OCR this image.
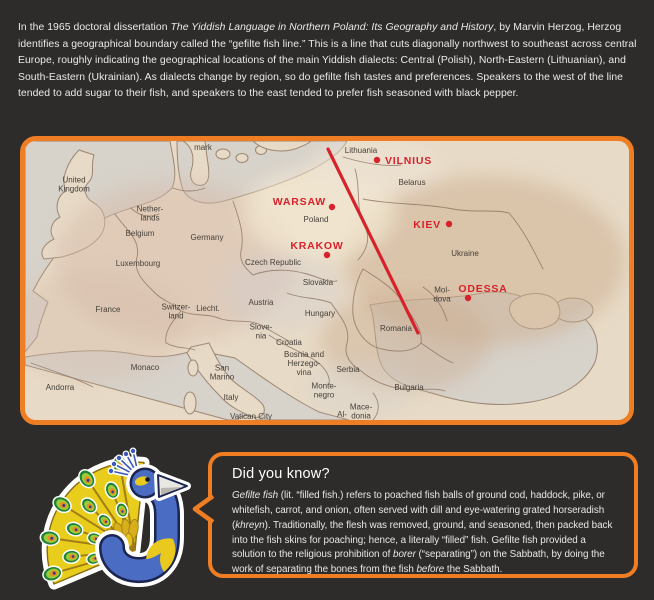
In the 1965 doctoral dissertation The Yiddish Language in Northern Poland: Its Geography and History, by Marvin Herzog, Herzog identifies a geographical boundary called the “gefilte fish line.” This is a line that cuts diagonally northwest to southeast across central Europe, roughly indicating the geographical locations of the main Yiddish dialects: Central (Polish), North-Eastern (Lithuanian), and South-Eastern (Ukrainian). As dialects change by region, so do gefilte fish tastes and preferences. Speakers to the west of the line tended to add sugar to their fish, and speakers to the east tended to prefer fish seasoned with black pepper.

mark
United Kingdom
Nether-lands
Belgium
Luxembourg
Germany
France	Switzer-land
Liecht.
Monaco
Andorra
San Marino
Italy
Vatican City
Czech Republic
Slovakia
Austria
Hungary
Slove-nia
Croatia
Bosnia and Herzego-vina
Monte-negro
Serbia
Al-
Mace-donia
Bulgaria
Romania
Mol-dova
Ukraine
Belarus
Lithuania
Poland
VILNIUS
WARSAW
KRAKOW
KIEV
ODESSA
Did you know?

Gefilte fish (lit. “filled fish.) refers to poached fish balls of ground cod, haddock, pike, or whitefish, carrot, and onion, often served with dill and eye-watering grated horseradish (khreyn). Traditionally, the flesh was removed, ground, and seasoned, then packed back into the fish skins for poaching; hence, a literally “filled” fish. Gefilte fish provided a solution to the religious prohibition of borer (“separating”) on the Sabbath, by doing the work of separating the bones from the fish before the Sabbath.
